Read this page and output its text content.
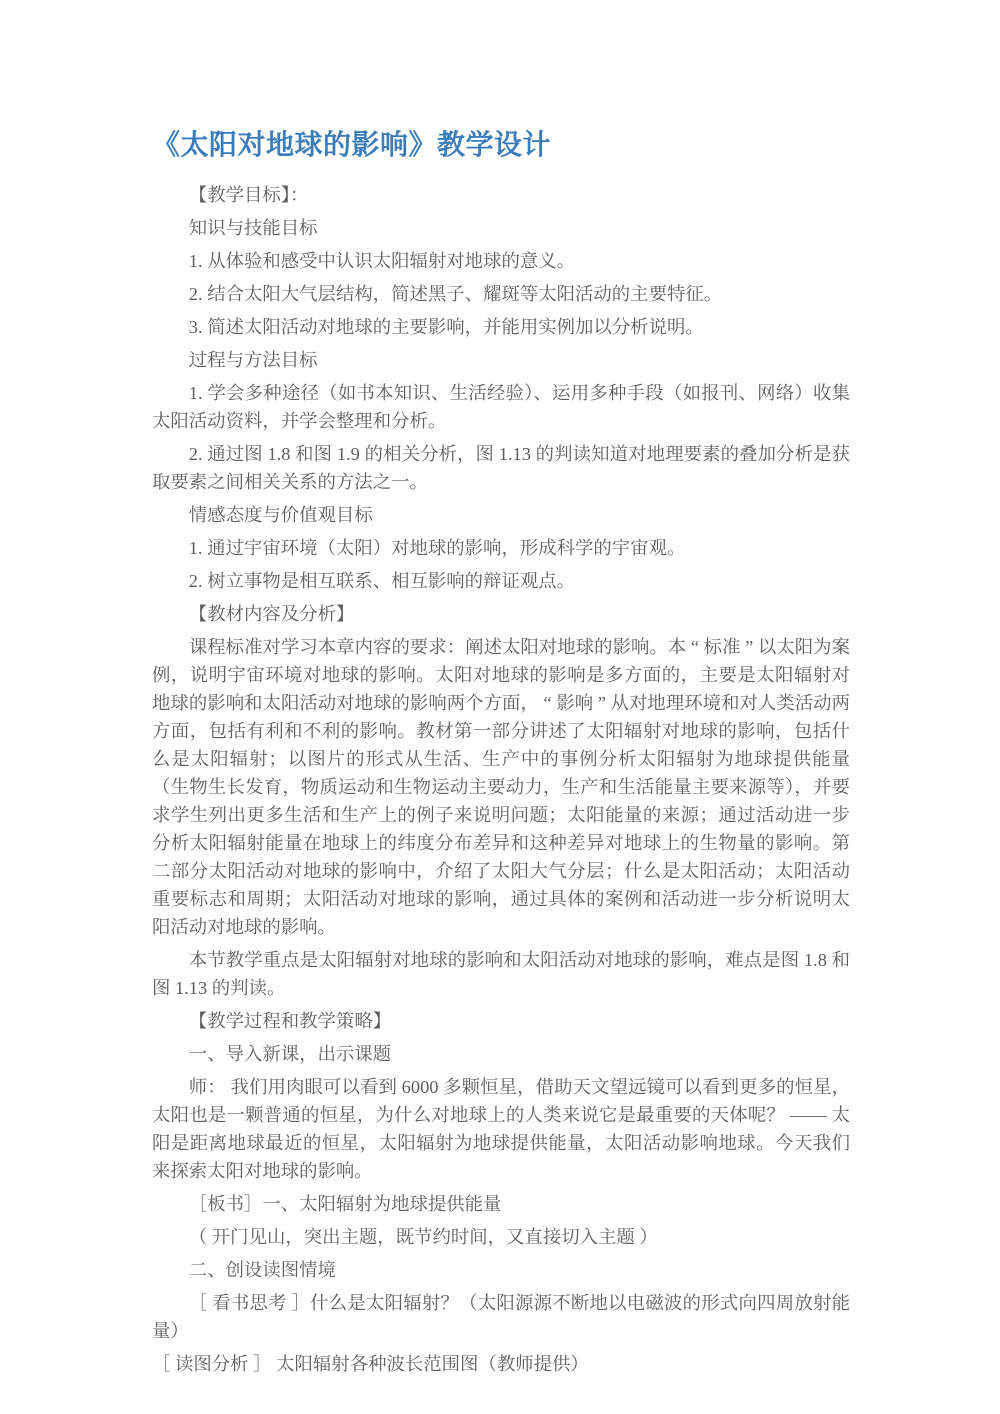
《太阳对地球的影响》教学设计

【教学目标】：

知识与技能目标

1. 从体验和感受中认识太阳辐射对地球的意义。

2. 结合太阳大气层结构，简述黑子、耀斑等太阳活动的主要特征。

3. 简述太阳活动对地球的主要影响，并能用实例加以分析说明。

过程与方法目标

1. 学会多种途径（如书本知识、生活经验）、运用多种手段（如报刊、网络）收集太阳活动资料，并学会整理和分析。

2. 通过图 1.8 和图 1.9 的相关分析，图 1.13 的判读知道对地理要素的叠加分析是获取要素之间相关关系的方法之一。

情感态度与价值观目标

1. 通过宇宙环境（太阳）对地球的影响，形成科学的宇宙观。

2. 树立事物是相互联系、相互影响的辩证观点。

【教材内容及分析】

课程标准对学习本章内容的要求：阐述太阳对地球的影响。本 “ 标准 ” 以太阳为案例，说明宇宙环境对地球的影响。太阳对地球的影响是多方面的，主要是太阳辐射对地球的影响和太阳活动对地球的影响两个方面， “ 影响 ” 从对地理环境和对人类活动两方面，包括有利和不利的影响。教材第一部分讲述了太阳辐射对地球的影响，包括什么是太阳辐射；以图片的形式从生活、生产中的事例分析太阳辐射为地球提供能量（生物生长发育，物质运动和生物运动主要动力，生产和生活能量主要来源等），并要求学生列出更多生活和生产上的例子来说明问题；太阳能量的来源；通过活动进一步分析太阳辐射能量在地球上的纬度分布差异和这种差异对地球上的生物量的影响。第二部分太阳活动对地球的影响中，介绍了太阳大气分层；什么是太阳活动；太阳活动重要标志和周期；太阳活动对地球的影响，通过具体的案例和活动进一步分析说明太阳活动对地球的影响。

本节教学重点是太阳辐射对地球的影响和太阳活动对地球的影响，难点是图 1.8 和图 1.13 的判读。

【教学过程和教学策略】

一、导入新课，出示课题

师： 我们用肉眼可以看到 6000 多颗恒星，借助天文望远镜可以看到更多的恒星，太阳也是一颗普通的恒星，为什么对地球上的人类来说它是最重要的天体呢？ —— 太阳是距离地球最近的恒星，太阳辐射为地球提供能量，太阳活动影响地球。今天我们来探索太阳对地球的影响。

［板书］一、太阳辐射为地球提供能量

（ 开门见山，突出主题，既节约时间，又直接切入主题 ）

二、创设读图情境

［ 看书思考 ］什么是太阳辐射？（太阳源源不断地以电磁波的形式向四周放射能量）

［ 读图分析 ］ 太阳辐射各种波长范围图（教师提供）
